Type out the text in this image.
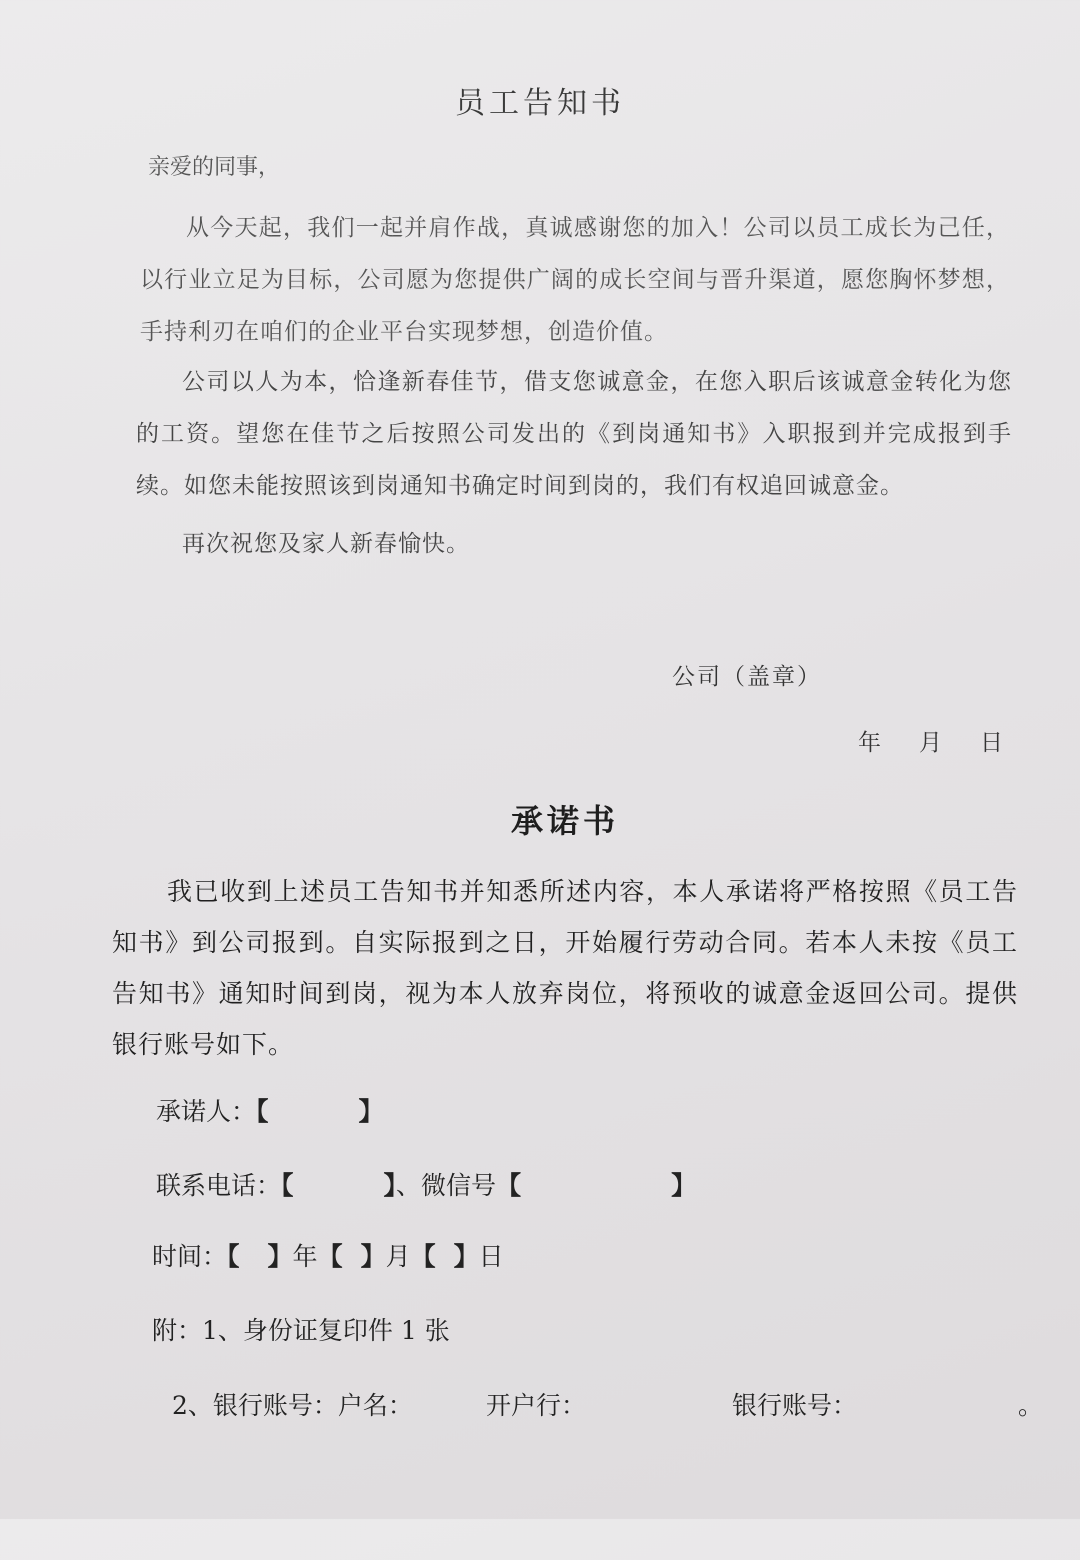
员工告知书
亲爱的同事，
从今天起，我们一起并肩作战，真诚感谢您的加入！公司以员工成长为己任，以行业立足为目标，公司愿为您提供广阔的成长空间与晋升渠道，愿您胸怀梦想，手持利刃在咱们的企业平台实现梦想，创造价值。
公司以人为本，恰逢新春佳节，借支您诚意金，在您入职后该诚意金转化为您的工资。望您在佳节之后按照公司发出的《到岗通知书》入职报到并完成报到手续。如您未能按照该到岗通知书确定时间到岗的，我们有权追回诚意金。
再次祝您及家人新春愉快。
公司（盖章）
年 月 日
承诺书
我已收到上述员工告知书并知悉所述内容，本人承诺将严格按照《员工告知书》到公司报到。自实际报到之日，开始履行劳动合同。若本人未按《员工告知书》通知时间到岗，视为本人放弃岗位，将预收的诚意金返回公司。提供银行账号如下。
承诺人：【	】
联系电话：【	】、微信号【	】
时间：【 】年【 】月【 】日
附：1、身份证复印件 1 张

2、银行账号：户名：

	开户行：

	银行账号：

	。
